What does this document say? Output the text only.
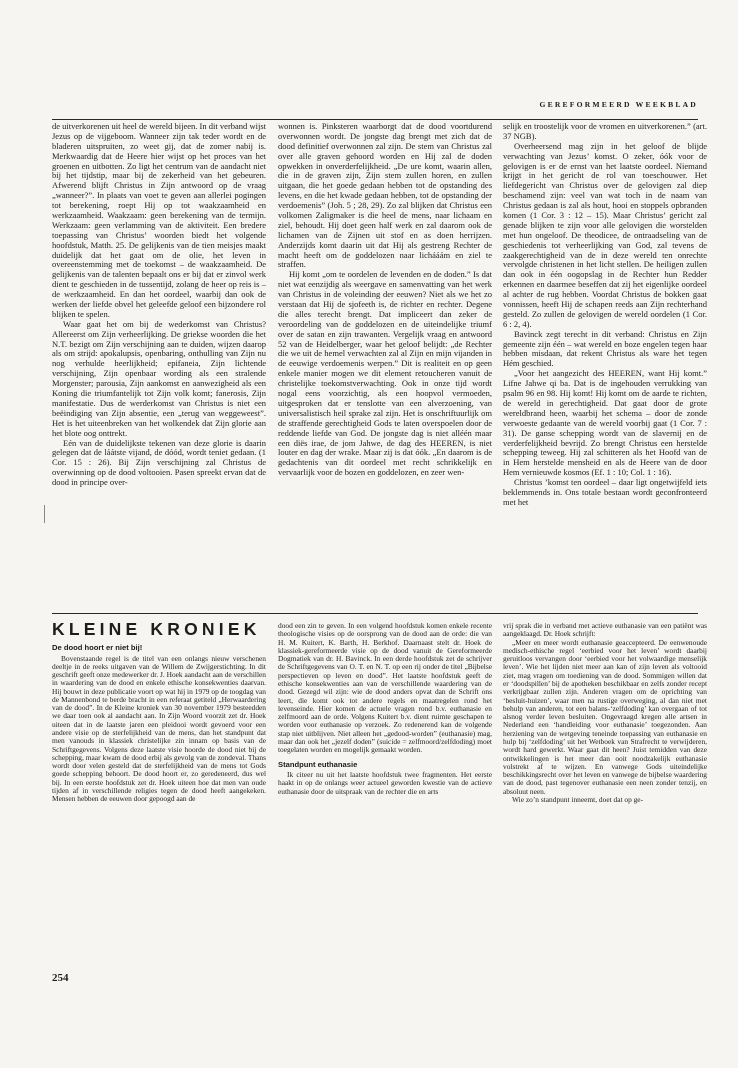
GEREFORMEERD WEEKBLAD

de uitverkorenen uit heel de wereld bijeen. In dit verband wijst Jezus op de vijgeboom. Wanneer zijn tak teder wordt en de bladeren uitspruiten, zo weet gij, dat de zomer nabij is. Merkwaardig dat de Heere hier wijst op het proces van het groenen en uitbotten. Zo ligt het centrum van de aandacht niet bij het tijdstip, maar bij de zekerheid van het gebeuren. Afwerend blijft Christus in Zijn antwoord op de vraag „wanneer?”. In plaats van voet te geven aan allerlei pogingen tot berekening, roept Hij op tot waakzaamheid en werkzaamheid. Waakzaam: geen berekening van de termijn. Werkzaam: geen verlamming van de aktiviteit. Een bredere toepassing van Christus’ woorden biedt het volgende hoofdstuk, Matth. 25. De gelijkenis van de tien meisjes maakt duidelijk dat het gaat om de olie, het leven in overeenstemming met de toekomst – de waakzaamheid. De gelijkenis van de talenten bepaalt ons er bij dat er zinvol werk dient te geschieden in de tussentijd, zolang de heer op reis is – de werkzaamheid. En dan het oordeel, waarbij dan ook de werken der liefde obvel het geleefde geloof een bijzondere rol blijken te spelen.

Waar gaat het om bij de wederkomst van Christus? Allereerst om Zijn verheerlijking. De griekse woorden die het N.T. bezigt om Zijn verschijning aan te duiden, wijzen daarop als om strijd: apokalupsis, openbaring, onthulling van Zijn nu nog verhulde heerlijkheid; epifaneia, Zijn lichtende verschijning, Zijn openbaar wording als een stralende Morgenster; parousia, Zijn aankomst en aanwezigheid als een Koning die triumfantelijk tot Zijn volk komt; fanerosis, Zijn manifestatie. Dus de werderkomst van Christus is niet een beëindiging van Zijn absentie, een „terug van weggeweest”. Het is het uiteenbreken van het wolkendek dat Zijn glorie aan het blote oog onttrekt.

Eén van de duidelijkste tekenen van deze glorie is daarin gelegen dat de láátste vijand, de dóód, wordt teniet gedaan. (1 Cor. 15 : 26). Bij Zijn verschijning zal Christus de overwinning op de dood voltooien. Pasen spreekt ervan dat de dood in principe over-

wonnen is. Pinksteren waarborgt dat de dood voortdurend overwonnen wordt. De jongste dag brengt met zich dat de dood definitief overwonnen zal zijn. De stem van Christus zal over alle graven gehoord worden en Hij zal de doden opwekken in onverderfelijkheid. „De ure komt, waarin allen, die in de graven zijn, Zijn stem zullen horen, en zullen uitgaan, die het goede gedaan hebben tot de opstanding des levens, en die het kwade gedaan hebben, tot de opstanding der verdoemenis” (Joh. 5 ; 28, 29). Zo zal blijken dat Christus een volkomen Zaligmaker is die heel de mens, naar lichaam en ziel, behoudt. Hij doet geen half werk en zal daarom ook de lichamen van de Zijnen uit stof en as doen herrijzen. Anderzijds komt daarin uit dat Hij als gestreng Rechter de macht heeft om de goddelozen naar lichááám en ziel te straffen.

Hij komt „om te oordelen de levenden en de doden.” Is dat niet wat eenzijdig als weergave en samenvatting van het werk van Christus in de voleinding der eeuwen? Niet als we het zo verstaan dat Hij de sjofeeth is, de richter en rechter. Degene die alles terecht brengt. Dat impliceert dan zeker de veroordeling van de goddelozen en de uiteindelijke triumf over de satan en zijn trawanten. Vergelijk vraag en antwoord 52 van de Heidelberger, waar het geloof belijdt: „de Rechter die we uit de hemel verwachten zal al Zijn en mijn vijanden in de eeuwige verdoemenis werpen.” Dit is realiteit en op geen enkele manier mogen we dit element retoucheren vanuit de christelijke toekomstverwachting. Ook in onze tijd wordt nogal eens voorzichtig, als een hoopvol vermoeden, uitgesproken dat er tenslotte van een alverzoening, van universalistisch heil sprake zal zijn. Het is onschriftuurlijk om de straffende gerechtigheid Gods te laten overspoelen door de reddende liefde van God. De jongste dag is niet alléén maar een diës irae, de jom Jahwe, de dag des HEEREN, is niet louter en dag der wrake. Maar zij is dat óók. „En daarom is de gedachtenis van dit oordeel met recht schrikkelijk en vervaarlijk voor de bozen en goddelozen, en zeer wen-

selijk en troostelijk voor de vromen en uitverkorenen.” (art. 37 NGB).

Overheersend mag zijn in het geloof de blijde verwachting van Jezus’ komst. O zeker, óók voor de gelovigen is er de ernst van het laatste oordeel. Niemand krijgt in het gericht de rol van toeschouwer. Het liefdegericht van Christus over de gelovigen zal diep beschamend zijn: veel van wat toch in de naam van Christus gedaan is zal als hout, hooi en stoppels opbranden komen (1 Cor. 3 : 12 – 15). Maar Christus’ gericht zal genade blijken te zijn voor alle gelovigen die worstelden met hun ongeloof. De theodicee, de ontraadseling van de geschiedenis tot verheerlijking van God, zal tevens de zaakgerechtigheid van de in deze wereld ten onrechte vervolgde christenen in het licht stellen. De heiligen zullen dan ook in één oogopslag in de Rechter hun Redder erkennen en daarmee beseffen dat zij het eigenlijke oordeel al achter de rug hebben. Voordat Christus de bokken gaat vonnissen, heeft Hij de schapen reeds aan Zijn rechterhand gesteld. Zo zullen de gelovigen de wereld oordelen (1 Cor. 6 : 2, 4).

Bavinck zegt terecht in dit verband: Christus en Zijn gemeente zijn één – wat wereld en boze engelen tegen haar hebben misdaan, dat rekent Christus als ware het tegen Hém geschied.

„Voor het aangezicht des HEEREN, want Hij komt.” Lifne Jahwe qi ba. Dat is de ingehouden verrukking van psalm 96 en 98. Hij komt! Hij komt om de aarde te richten, de wereld in gerechtigheid. Dat gaat door de grote wereldbrand heen, waarbij het schema – door de zonde verwoeste gedaante van de wereld voorbij gaat (1 Cor. 7 : 31). De ganse schepping wordt van de slavernij en de verderfelijkheid bevrijd. Zo brengt Christus een herstelde schepping teweeg. Hij zal schitteren als het Hoofd van de in Hem herstelde mensheid en als de Heere van de door Hem vernieuwde kosmos (Ef. 1 : 10; Col. 1 : 16).

Christus ’komst ten oordeel – daar ligt ongetwijfeld iets beklemmends in. Ons totale bestaan wordt geconfronteerd met het

KLEINE KRONIEK
De dood hoort er niet bij!

Bovenstaande regel is de titel van een onlangs nieuw verschenen deeltje in de reeks uitgaven van de Willem de Zwijgerstichting. In dit geschrift geeft onze medewerker dr. J. Hoek aandacht aan de verschillen in waardering van de dood en enkele ethische konsekwenties daarvan. Hij bouwt in deze publicatie voort op wat hij in 1979 op de toogdag van de Mannenbond te berde bracht in een referaat getiteld „Herwaardering van de dood”. In de Kleine kroniek van 30 november 1979 besteedden we daar toen ook al aandacht aan. In Zijn Woord voorzit zet dr. Hoek uiteen dat in de laatste jaren een pleidooi wordt gevoerd voor een andere visie op de sterfelijkheid van de mens, dan het standpunt dat men vanouds in klassiek christelijke zin innam op basis van de Schriftgegevens. Volgens deze laatste visie hoorde de dood niet bij de schepping, maar kwam de dood erbij als gevolg van de zondeval. Thans wordt door velen gesteld dat de sterfelijkheid van de mens tot Gods goede schepping behoort. De dood hoort er, zo geredeneerd, dus wel bij. In een eerste hoofdstuk zet dr. Hoek uiteen hoe dat men van oude tijden af in verschillende religies tegen de dood heeft aangekeken. Mensen hebben de eeuwen door gepoogd aan de

dood een zin te geven. In een volgend hoofdstuk komen enkele recente theologische visies op de oorsprong van de dood aan de orde: die van H. M. Kuitert, K. Barth, H. Berkhof. Daarnaast stelt dr. Hoek de klassiek-gereformeerde visie op de dood vanuit de Gereformeerde Dogmatiek van dr. H. Bavinck. In een derde hoofdstuk zet de schrijver de Schriftgegevens van O. T. en N. T. op een rij onder de titel „Bijbelse perspectieven op leven en dood”. Het laatste hoofdstuk geeft de ethische konsekwenties aan van de verschillende waardering van de dood. Gezegd wil zijn: wie de dood anders opvat dan de Schrift ons leert, die komt ook tot andere regels en maatregelen rond het levenseinde. Hier komen de actuele vragen rond b.v. euthanasie en zelfmoord aan de orde. Volgens Kuitert b.v. dient ruimte geschapen te worden voor euthanasie op verzoek. Zo redenerend kan de volgende stap niet uitblijven. Niet alleen het „gedood-worden” (euthanasie) mag, maar dan ook het „jezelf doden” (suicide = zelfmoord/zelfdoding) moet toegelaten worden en mogelijk gemaakt worden.

Standpunt euthanasie

Ik citeer nu uit het laatste hoofdstuk twee fragmenten. Het eerste haakt in op de onlangs weer actueel geworden kwestie van de actieve euthanasie door de uitspraak van de rechter die en arts

vrij sprak die in verband met actieve euthanasie van een patiënt was aangeklaagd. Dr. Hoek schrijft:

„Meer en meer wordt euthanasie geaccepteerd. De eenwenoude medisch-ethische regel ‘eerbied voor het leven’ wordt daarbij geruitloos vervangen door ‘eerbied voor het volwaardige menselijk leven’. Wie het lijden niet meer aan kan of zijn leven als voltooid ziet, mag vragen om toediening van de dood. Sommigen willen dat er ‘doodspillen’ bij de apotheken beschikbaar en zelfs zonder recept verkrijgbaar zullen zijn. Anderen vragen om de oprichting van ‘besluit-huizen’, waar men na rustige overweging, al dan niet met behulp van anderen, tot een balans-‘zelfdoding’ kan overgaan of tot alsnog verder leven besluiten. Ongevraagd kregen alle artsen in Nederland een ‘handleiding voor euthanasie’ toegezonden. Aan herziening van de wetgeving teneinde toepassing van euthanasie en hulp bij ‘zelfdoding’ uit het Wetboek van Strafrecht te verwijderen, wordt hard gewerkt. Waar gaat dit heen? Juist temidden van deze ontwikkelingen is het meer dan ooit noodzakelijk euthanasie volstrekt af te wijzen. En vanwege Gods uiteindelijke beschikkingsrecht over het leven en vanwege de bijbelse waardering van de dood, past tegenover euthanasie een neen zonder tenzij, en absoluut neen.

Wie zo’n standpunt inneemt, doet dat op ge-

254
